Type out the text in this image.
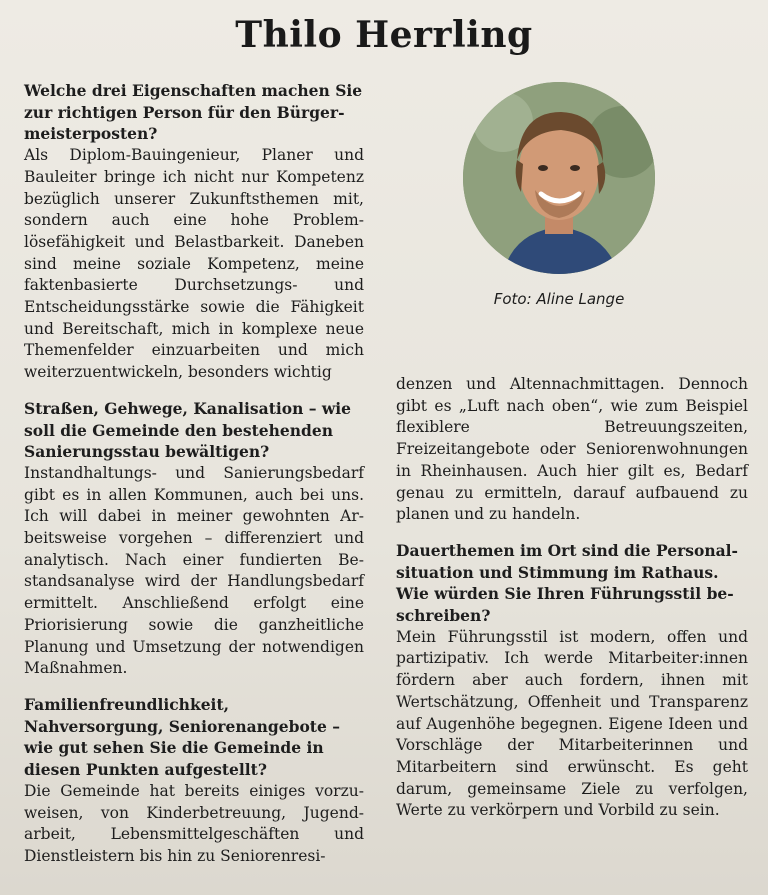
Thilo Herrling

Welche drei Eigenschaften machen Sie zur richtigen Person für den Bürgermeisterposten?

Als Diplom-Bauingenieur, Planer und Bauleiter bringe ich nicht nur Kompetenz bezüglich unserer Zukunftsthemen mit, sondern auch eine hohe Problemlösefähigkeit und Belastbarkeit. Daneben sind meine soziale Kompetenz, meine faktenbasierte Durchsetzungs- und Entscheidungsstärke sowie die Fähigkeit und Bereitschaft, mich in komplexe neue Themenfelder einzuarbeiten und mich weiterzuentwickeln, besonders wichtig

Straßen, Gehwege, Kanalisation – wie soll die Gemeinde den bestehenden Sanierungsstau bewältigen?

Instandhaltungs- und Sanierungsbedarf gibt es in allen Kommunen, auch bei uns. Ich will dabei in meiner gewohnten Arbeitsweise vorgehen – differenziert und analytisch. Nach einer fundierten Bestandsanalyse wird der Handlungsbedarf ermittelt. Anschließend erfolgt eine Priorisierung sowie die ganzheitliche Planung und Umsetzung der notwendigen Maßnahmen.

Familienfreundlichkeit, Nahversorgung, Seniorenangebote – wie gut sehen Sie die Gemeinde in diesen Punkten aufgestellt?

Die Gemeinde hat bereits einiges vorzuweisen, von Kinderbetreuung, Jugendarbeit, Lebensmittelgeschäften und Dienstleistern bis hin zu Seniorenresi-

Foto: Aline Lange

denzen und Altennachmittagen. Dennoch gibt es „Luft nach oben“, wie zum Beispiel flexiblere Betreuungszeiten, Freizeitangebote oder Seniorenwohnungen in Rheinhausen. Auch hier gilt es, Bedarf genau zu ermitteln, darauf aufbauend zu planen und zu handeln.

Dauerthemen im Ort sind die Personalsituation und Stimmung im Rathaus. Wie würden Sie Ihren Führungsstil beschreiben?

Mein Führungsstil ist modern, offen und partizipativ. Ich werde Mitarbeiter:innen fördern aber auch fordern, ihnen mit Wertschätzung, Offenheit und Transparenz auf Augenhöhe begegnen. Eigene Ideen und Vorschläge der Mitarbeiterinnen und Mitarbeitern sind erwünscht. Es geht darum, gemeinsame Ziele zu verfolgen, Werte zu verkörpern und Vorbild zu sein.
